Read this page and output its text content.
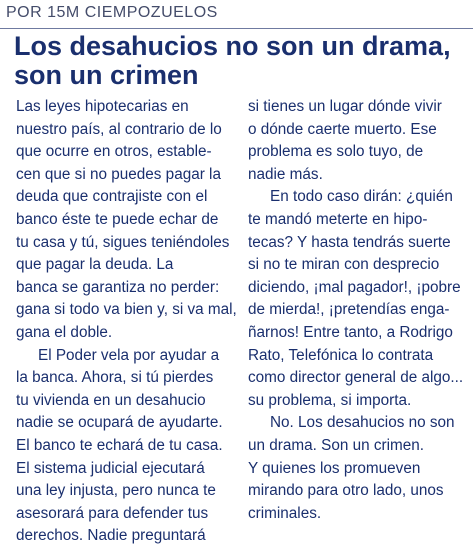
POR 15M CIEMPOZUELOS
Los desahucios no son un drama,
son un crimen
Las leyes hipotecarias en
nuestro país, al contrario de lo
que ocurre en otros, estable-
cen que si no puedes pagar la
deuda que contrajiste con el
banco éste te puede echar de
tu casa y tú, sigues teniéndoles
que pagar la deuda. La
banca se garantiza no perder:
gana si todo va bien y, si va mal,
gana el doble.
El Poder vela por ayudar a
la banca. Ahora, si tú pierdes
tu vivienda en un desahucio
nadie se ocupará de ayudarte.
El banco te echará de tu casa.
El sistema judicial ejecutará
una ley injusta, pero nunca te
asesorará para defender tus
derechos. Nadie preguntará
si tienes un lugar dónde vivir
o dónde caerte muerto. Ese
problema es solo tuyo, de
nadie más.
En todo caso dirán: ¿quién
te mandó meterte en hipo-
tecas? Y hasta tendrás suerte
si no te miran con desprecio
diciendo, ¡mal pagador!, ¡pobre
de mierda!, ¡pretendías enga-
ñarnos! Entre tanto, a Rodrigo
Rato, Telefónica lo contrata
como director general de algo...
su problema, si importa.
No. Los desahucios no son
un drama. Son un crimen.
Y quienes los promueven
mirando para otro lado, unos
criminales.
